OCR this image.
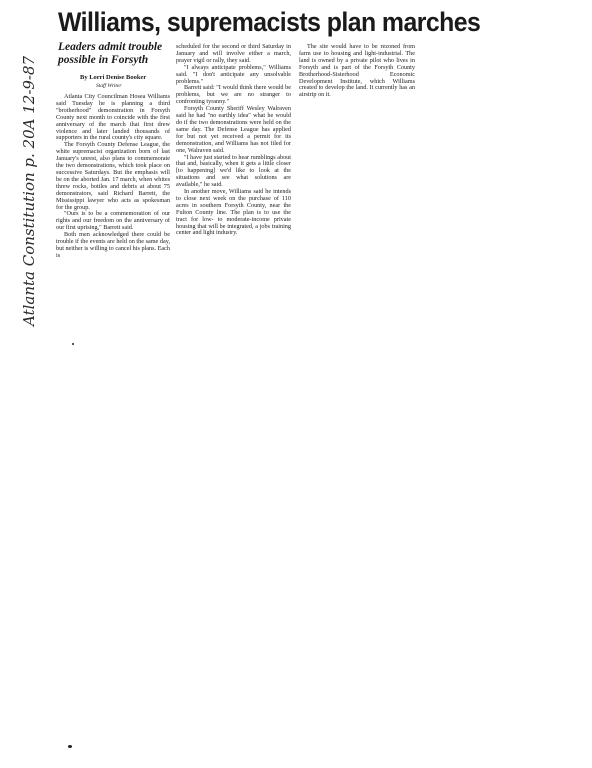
Williams, supremacists plan marches
Leaders admit trouble possible in Forsyth
By Lorri Denise Booker
Staff Writer

Atlanta City Councilman Hosea Williams said Tuesday he is planning a third "brotherhood" demonstration in Forsyth County next month to coincide with the first anniversary of the march that first drew violence and later landed thousands of supporters in the rural county's city square.

The Forsyth County Defense League, the white supremacist organization born of last January's unrest, also plans to commemorate the two demonstrations, which took place on successive Saturdays. But the emphasis will be on the aborted Jan. 17 march, when whites threw rocks, bottles and debris at about 75 demonstrators, said Richard Barrett, the Mississippi lawyer who acts as spokesman for the group.

"Ours is to be a commemoration of our rights and our freedom on the anniversary of our first uprising," Barrett said.

Both men acknowledged there could be trouble if the events are held on the same day, but neither is willing to cancel his plans. Each is

scheduled for the second or third Saturday in January and will involve either a march, prayer vigil or rally, they said.

"I always anticipate problems," Williams said. "I don't anticipate any unsolvable problems."

Barrett said: "I would think there would be problems, but we are no stranger to confronting tyranny."

Forsyth County Sheriff Wesley Walraven said he had "no earthly idea" what he would do if the two demonstrations were held on the same day. The Defense League has applied for but not yet received a permit for its demonstration, and Williams has not filed for one, Walraven said.

"I have just started to hear rumblings about that and, basically, when it gets a little closer [to happening] we'd like to look at the situations and see what solutions are available," he said.

In another move, Williams said he intends to close next week on the purchase of 110 acres in southern Forsyth County, near the Fulton County line. The plan is to use the tract for low- to moderate-income private housing that will be integrated, a jobs training center and light industry.

The site would have to be rezoned from farm use to housing and light-industrial. The land is owned by a private pilot who lives in Forsyth and is part of the Forsyth County Brotherhood-Sisterhood Economic Development Institute, which Williams created to develop the land. It currently has an airstrip on it.

Atlanta Constitution p. 20A 12-9-87
